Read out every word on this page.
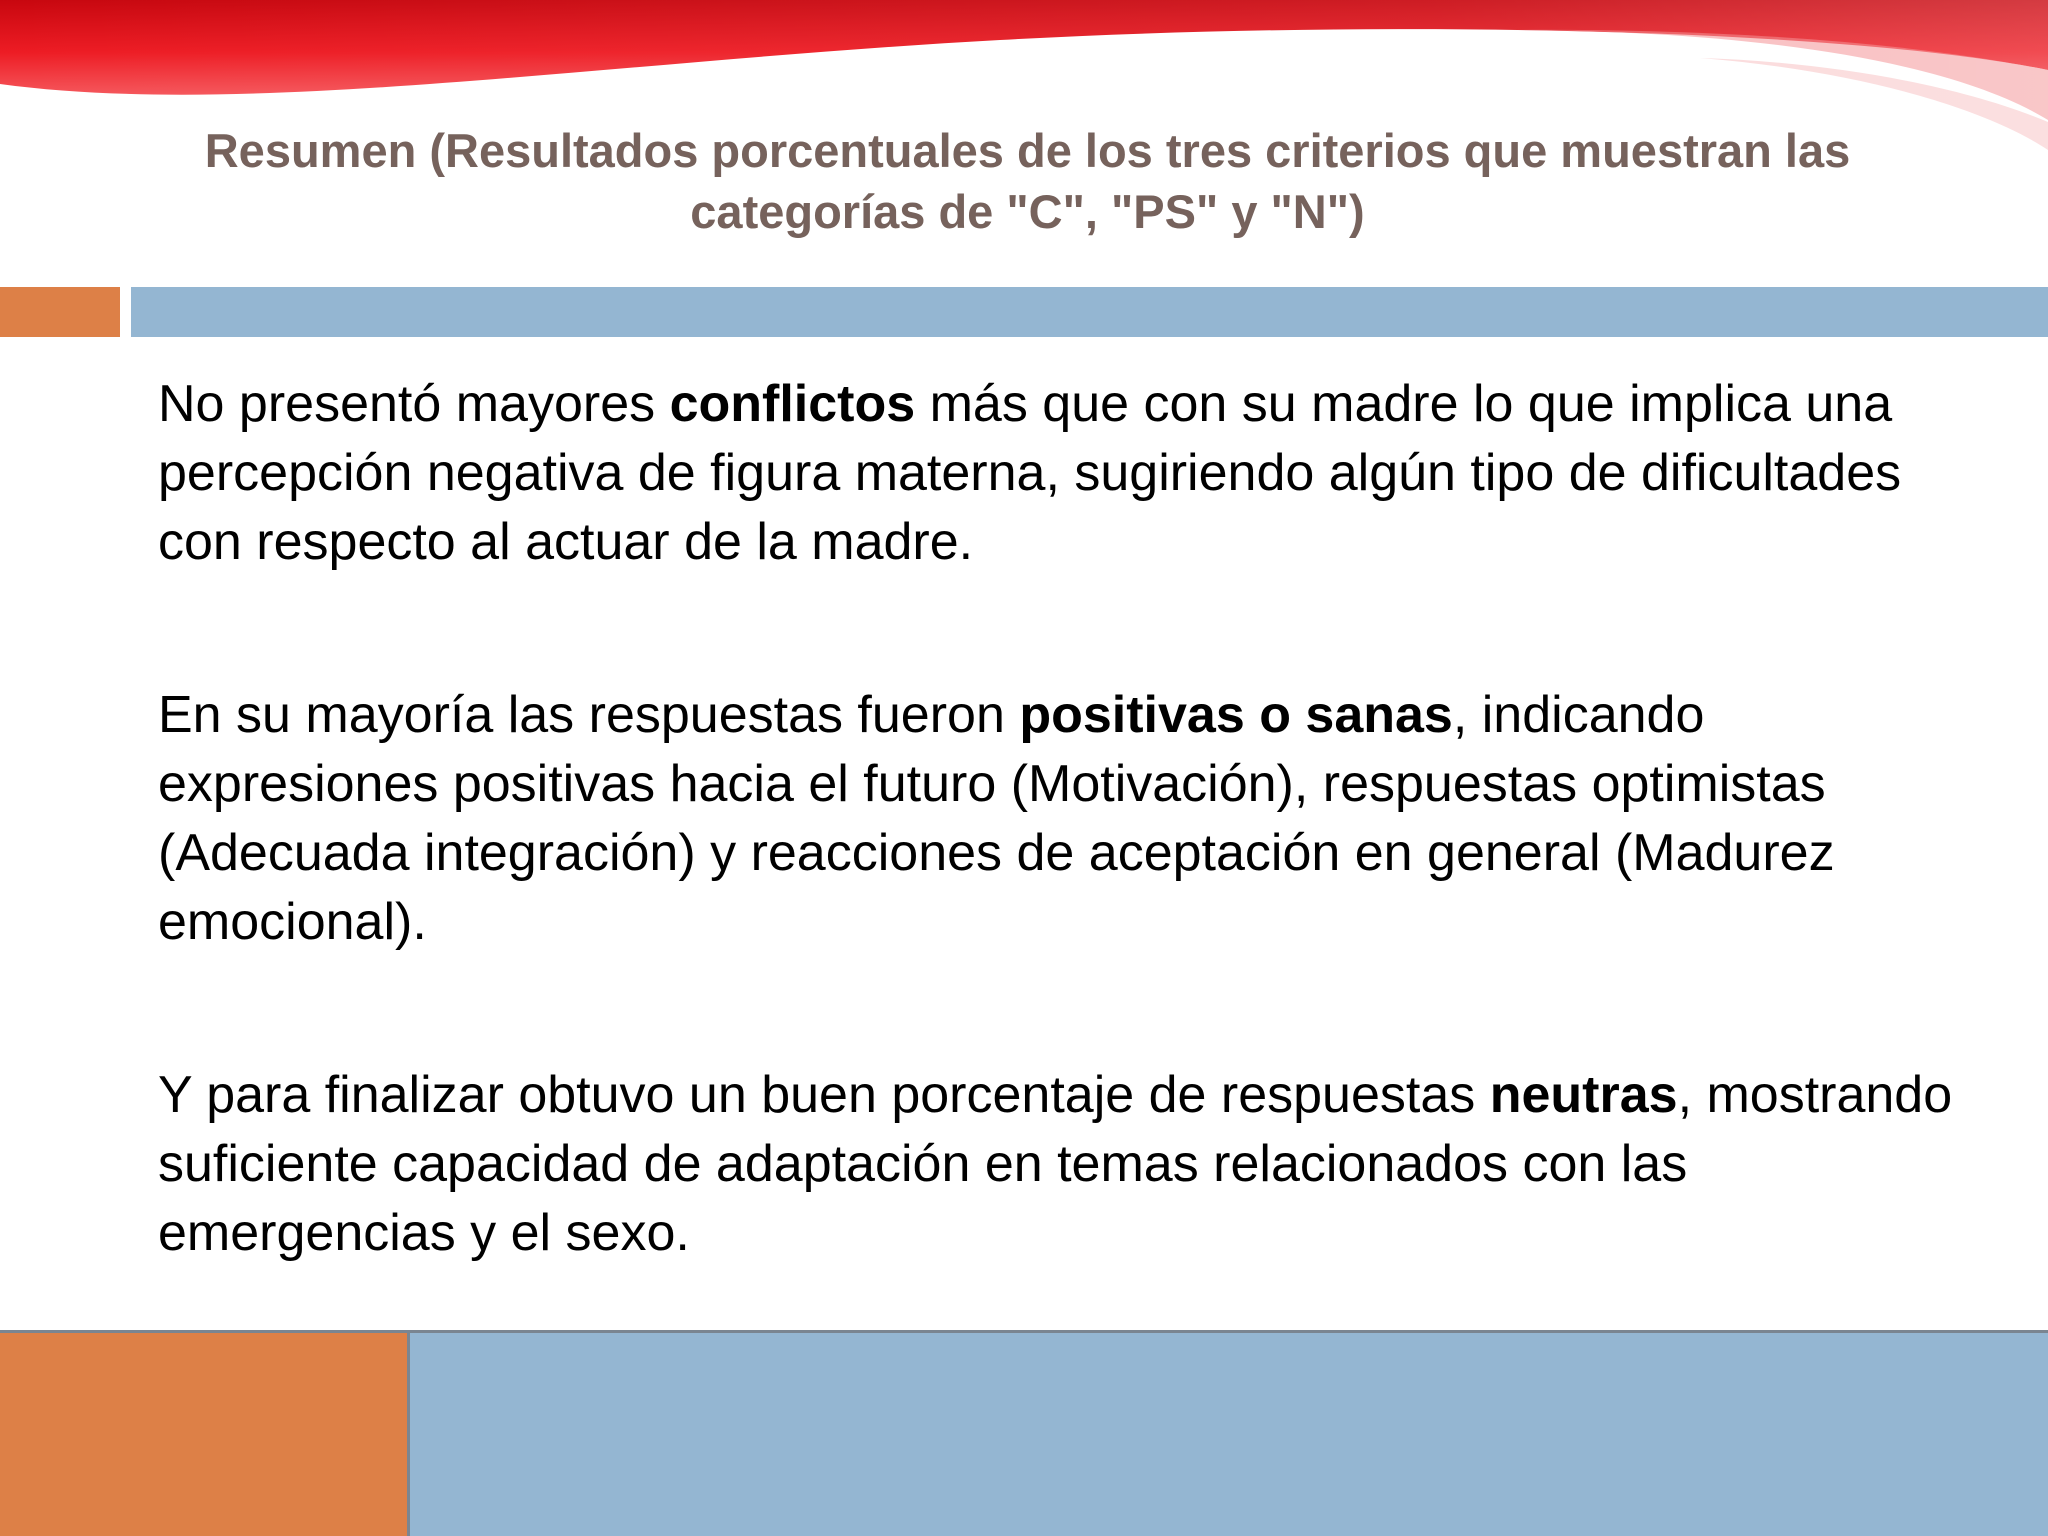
Resumen (Resultados porcentuales de los tres criterios que muestran las
categorías de "C", "PS" y "N")

No presentó mayores conflictos más que con su madre lo que implica una percepción negativa de figura materna, sugiriendo algún tipo de dificultades con respecto al actuar de la madre.

En su mayoría las respuestas fueron positivas o sanas, indicando expresiones positivas hacia el futuro (Motivación), respuestas optimistas (Adecuada integración) y reacciones de aceptación en general (Madurez emocional).

Y para finalizar obtuvo un buen porcentaje de respuestas neutras, mostrando suficiente capacidad de adaptación en temas relacionados con las emergencias y el sexo.
